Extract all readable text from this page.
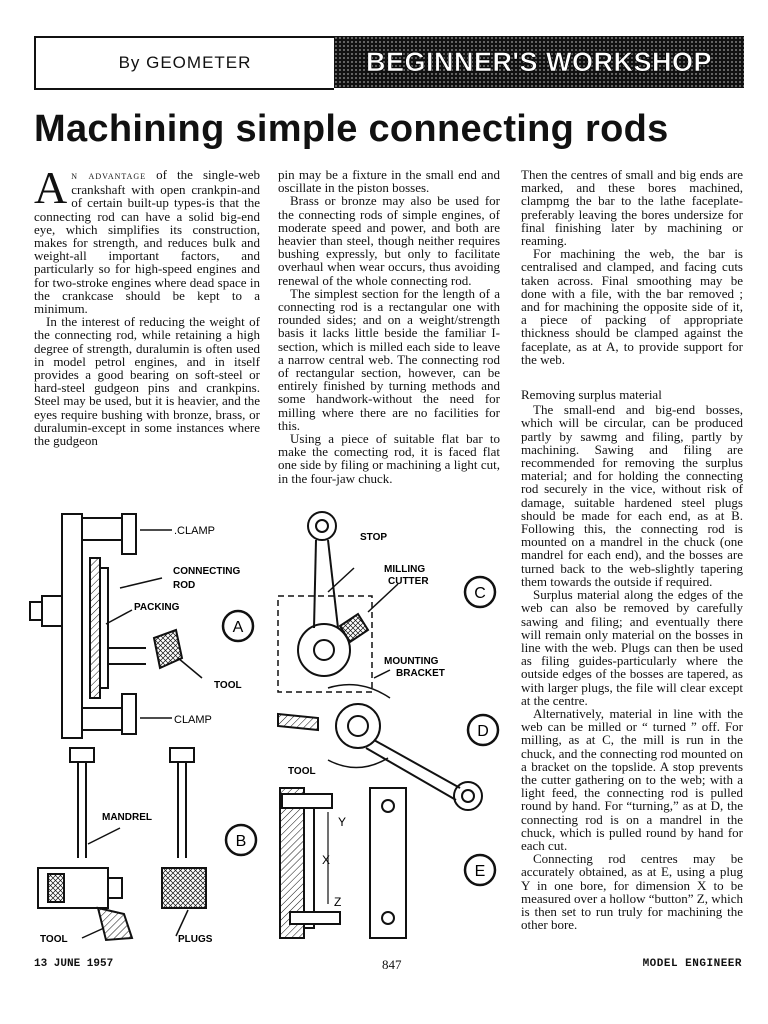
By GEOMETER	BEGINNER'S WORKSHOP
Machining simple connecting rods

An advantage of the single-web crankshaft with open crankpin-and of certain built-up types-is that the connecting rod can have a solid big-end eye, which simplifies its construction, makes for strength, and reduces bulk and weight-all important factors, and particularly so for high-speed engines and for two-stroke engines where dead space in the crankcase should be kept to a minimum.

In the interest of reducing the weight of the connecting rod, while retaining a high degree of strength, duralumin is often used in model petrol engines, and in itself provides a good bearing on soft-steel or hard-steel gudgeon pins and crankpins. Steel may be used, but it is heavier, and the eyes require bushing with bronze, brass, or duralumin-except in some instances where the gudgeon

pin may be a fixture in the small end and oscillate in the piston bosses.

Brass or bronze may also be used for the connecting rods of simple engines, of moderate speed and power, and both are heavier than steel, though neither requires bushing expressly, but only to facilitate overhaul when wear occurs, thus avoiding renewal of the whole connecting rod.

The simplest section for the length of a connecting rod is a rectangular one with rounded sides; and on a weight/strength basis it lacks little beside the familiar I-section, which is milled each side to leave a narrow central web. The connecting rod of rectangular section, however, can be entirely finished by turning methods and some handwork-without the need for milling where there are no facilities for this.

Using a piece of suitable flat bar to make the comecting rod, it is faced flat one side by filing or machining a light cut, in the four-jaw chuck.

Then the centres of small and big ends are marked, and these bores machined, clampmg the bar to the lathe faceplate-preferably leaving the bores undersize for final finishing later by machining or reaming.

For machining the web, the bar is centralised and clamped, and facing cuts taken across. Final smoothing may be done with a file, with the bar removed ; and for machining the opposite side of it, a piece of packing of appropriate thickness should be clamped against the faceplate, as at A, to provide support for the web.

Removing surplus material

The small-end and big-end bosses, which will be circular, can be produced partly by sawmg and filing, partly by machining. Sawing and filing are recommended for removing the surplus material; and for holding the connecting rod securely in the vice, without risk of damage, suitable hardened steel plugs should be made for each end, as at B. Following this, the connecting rod is mounted on a mandrel in the chuck (one mandrel for each end), and the bosses are turned back to the web-slightly tapering them towards the outside if required.

Surplus material along the edges of the web can also be removed by carefully sawing and filing; and eventually there will remain only material on the bosses in line with the web. Plugs can then be used as filing guides-particularly where the outside edges of the bosses are tapered, as with larger plugs, the file will clear except at the centre.

Alternatively, material in line with the web can be milled or “ turned ” off. For milling, as at C, the mill is run in the chuck, and the connecting rod mounted on a bracket on the topslide. A stop prevents the cutter gathering on to the web; with a light feed, the connecting rod is pulled round by hand. For “turning,” as at D, the connecting rod is on a mandrel in the chuck, which is pulled round by hand for each cut.

Connecting rod centres may be accurately obtained, as at E, using a plug Y in one bore, for dimension X to be measured over a hollow “button” Z, which is then set to run truly for machining the other bore.

.CLAMP
CONNECTING
ROD
PACKING
TOOL
CLAMP
A
MANDREL
TOOL	PLUGS
B
STOP
MILLING
CUTTER
MOUNTING
BRACKET
C
TOOL
D
Y
X
Z
E
13 JUNE 1957	847	MODEL ENGINEER
